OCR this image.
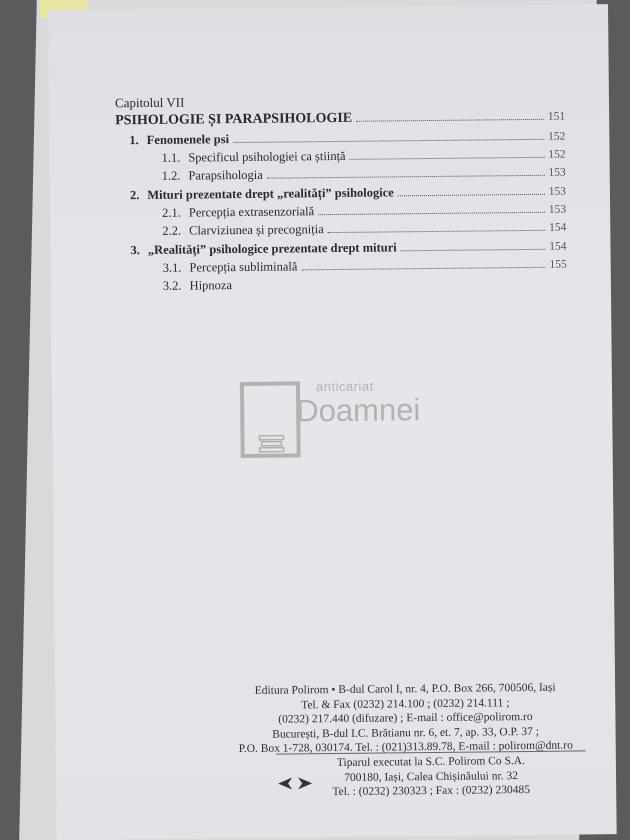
Capitolul VII
PSIHOLOGIE ȘI PARAPSIHOLOGIE	151
1. Fenomenele psi	152
1.1. Specificul psihologiei ca știință	152
1.2. Parapsihologia	153
2. Mituri prezentate drept „realități” psihologice	153
2.1. Percepția extrasenzorială	153
2.2. Clarviziunea și precogniția	154
3. „Realități” psihologice prezentate drept mituri	154
3.1. Percepția subliminală	155
3.2. Hipnoza
anticariat
Doamnei

Editura Polirom • B-dul Carol I, nr. 4, P.O. Box 266, 700506, Iași

Tel. & Fax (0232) 214.100 ; (0232) 214.111 ;

(0232) 217.440 (difuzare) ; E-mail : office@polirom.ro

București, B-dul I.C. Brătianu nr. 6, et. 7, ap. 33, O.P. 37 ;

P.O. Box 1-728, 030174. Tel. : (021)313.89.78, E-mail : polirom@dnt.ro

Tiparul executat la S.C. Polirom Co S.A.

700180, Iași, Calea Chișinăului nr. 32

Tel. : (0232) 230323 ; Fax : (0232) 230485
